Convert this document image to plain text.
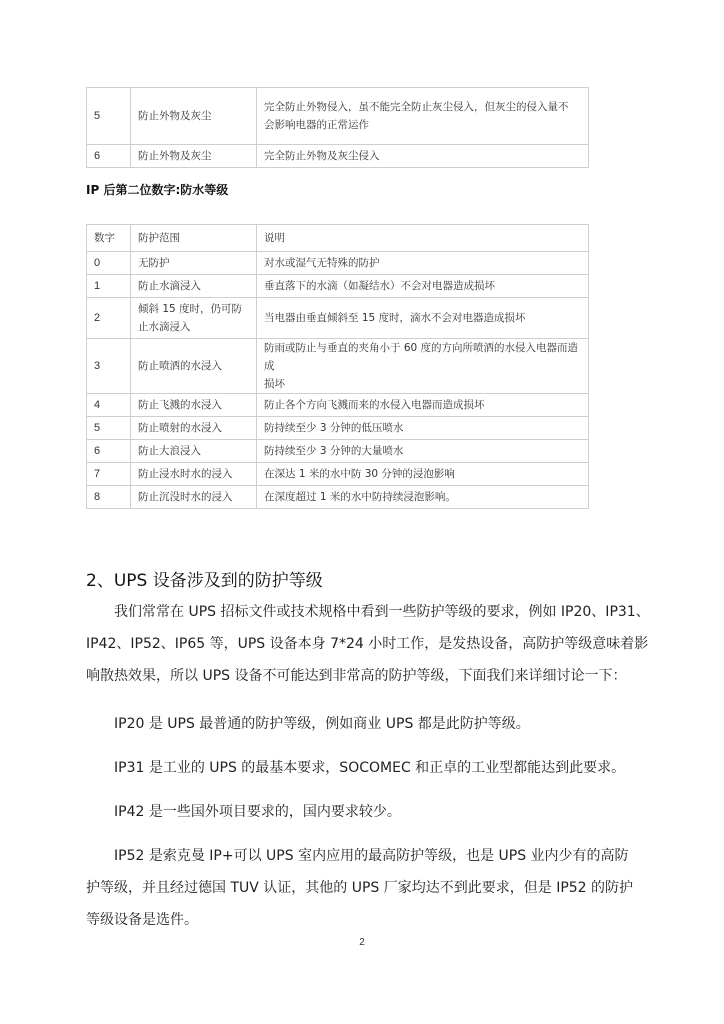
5	防止外物及灰尘	完全防止外物侵入，虽不能完全防止灰尘侵入，但灰尘的侵入量不
会影响电器的正常运作

6	防止外物及灰尘	完全防止外物及灰尘侵入
IP 后第二位数字:防水等级
数字	防护范围	说明
0	无防护	对水或湿气无特殊的防护
1	防止水滴浸入	垂直落下的水滴（如凝结水）不会对电器造成损坏
2	倾斜 15 度时，仍可防
止水滴浸入	当电器由垂直倾斜至 15 度时，滴水不会对电器造成损坏
3	防止喷洒的水浸入	防雨或防止与垂直的夹角小于 60 度的方向所喷洒的水侵入电器而造成
损坏

4	防止飞溅的水浸入	防止各个方向飞溅而来的水侵入电器而造成损坏
5	防止喷射的水浸入	防持续至少 3 分钟的低压喷水
6	防止大浪浸入	防持续至少 3 分钟的大量喷水
7	防止浸水时水的浸入	在深达 1 米的水中防 30 分钟的浸泡影响
8	防止沉没时水的浸入	在深度超过 1 米的水中防持续浸泡影响。
2、UPS 设备涉及到的防护等级
我们常常在 UPS 招标文件或技术规格中看到一些防护等级的要求，例如 IP20、IP31、
IP42、IP52、IP65 等，UPS 设备本身 7*24 小时工作，是发热设备，高防护等级意味着影
响散热效果，所以 UPS 设备不可能达到非常高的防护等级，下面我们来详细讨论一下：
IP20 是 UPS 最普通的防护等级，例如商业 UPS 都是此防护等级。
IP31 是工业的 UPS 的最基本要求，SOCOMEC 和正卓的工业型都能达到此要求。
IP42 是一些国外项目要求的，国内要求较少。
IP52 是索克曼 IP+可以 UPS 室内应用的最高防护等级，也是 UPS 业内少有的高防
护等级，并且经过德国 TUV 认证，其他的 UPS 厂家均达不到此要求，但是 IP52 的防护
等级设备是选件。
2
